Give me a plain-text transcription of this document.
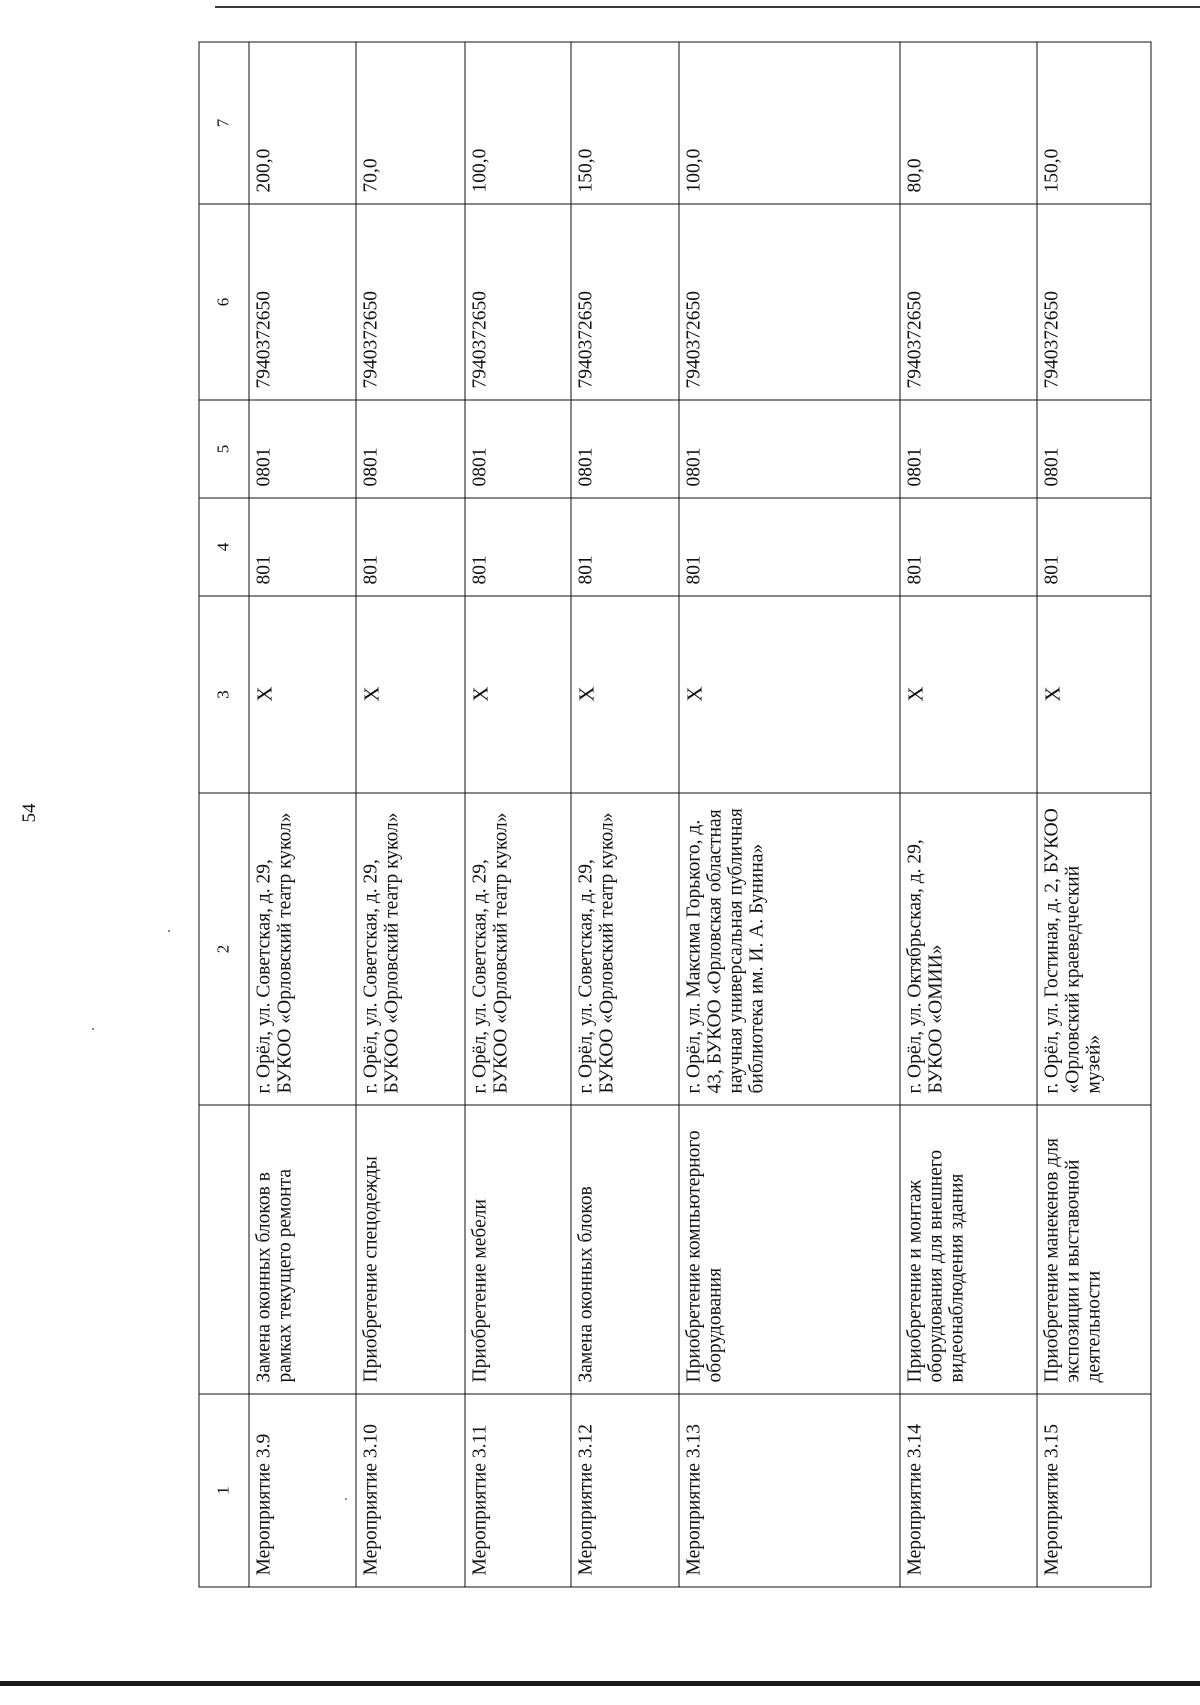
54
1		2	3	4	5	6	7
Мероприятие 3.9	Замена оконных блоков в рамках текущего ремонта	г. Орёл, ул. Советская, д. 29, БУКОО «Орловский театр кукол»	Х	801	0801	7940372650	200,0
Мероприятие 3.10	Приобретение спецодежды	г. Орёл, ул. Советская, д. 29, БУКОО «Орловский театр кукол»	Х	801	0801	7940372650	70,0
Мероприятие 3.11	Приобретение мебели	г. Орёл, ул. Советская, д. 29, БУКОО «Орловский театр кукол»	Х	801	0801	7940372650	100,0
Мероприятие 3.12	Замена оконных блоков	г. Орёл, ул. Советская, д. 29, БУКОО «Орловский театр кукол»	Х	801	0801	7940372650	150,0
Мероприятие 3.13	Приобретение компьютерного оборудования	г. Орёл, ул. Максима Горького, д. 43, БУКОО «Орловская областная научная универсальная публичная библиотека им. И. А. Бунина»	Х	801	0801	7940372650	100,0
Мероприятие 3.14	Приобретение и монтаж оборудования для внешнего видеонаблюдения здания	г. Орёл, ул. Октябрьская, д. 29, БУКОО «ОМИИ»	Х	801	0801	7940372650	80,0
Мероприятие 3.15	Приобретение манекенов для экспозиции и выставочной деятельности	г. Орёл, ул. Гостиная, д. 2, БУКОО «Орловский краеведческий музей»	Х	801	0801	7940372650	150,0
